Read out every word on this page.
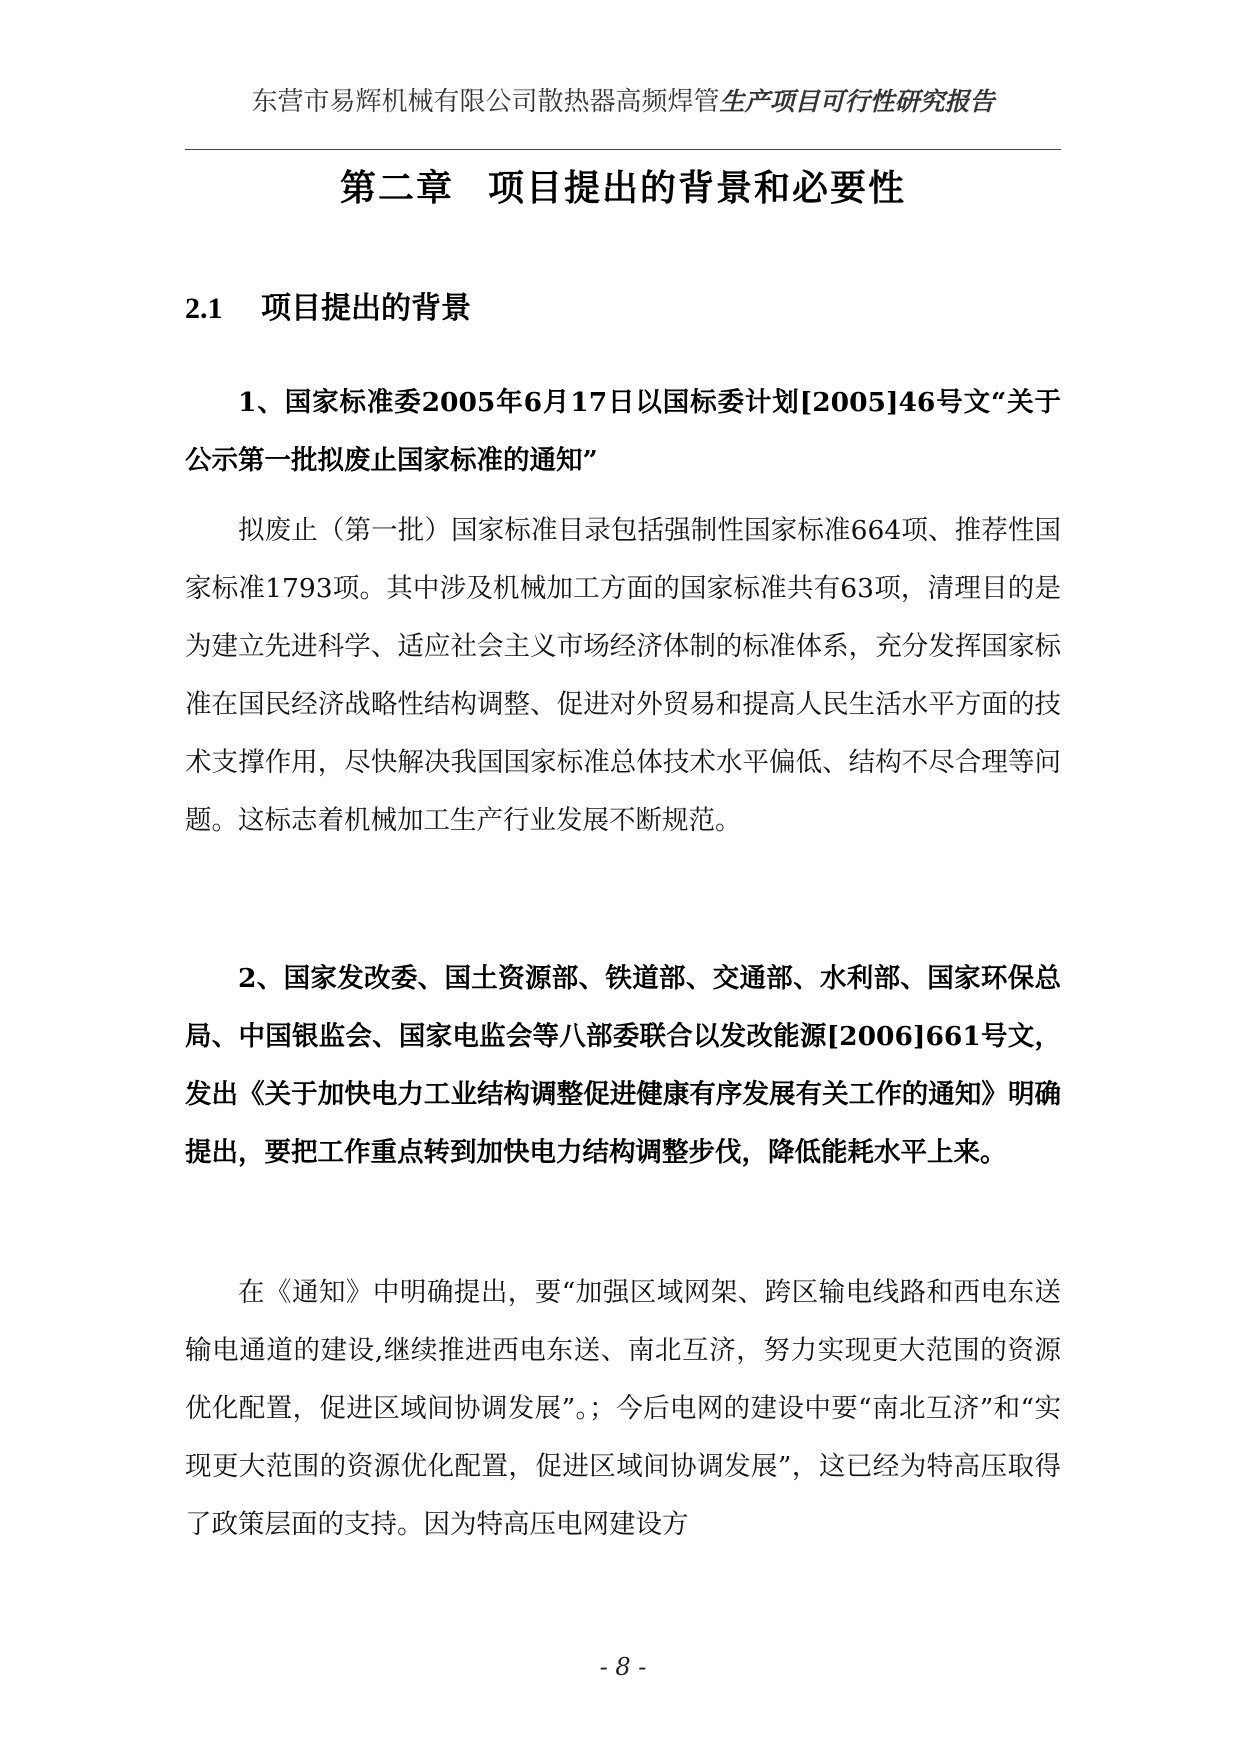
东营市易辉机械有限公司散热器高频焊管生产项目可行性研究报告
第二章 项目提出的背景和必要性
2.1 项目提出的背景

1、国家标准委2005年6月17日以国标委计划[2005]46号文“关于公示第一批拟废止国家标准的通知”

拟废止（第一批）国家标准目录包括强制性国家标准664项、推荐性国家标准1793项。其中涉及机械加工方面的国家标准共有63项，清理目的是为建立先进科学、适应社会主义市场经济体制的标准体系，充分发挥国家标准在国民经济战略性结构调整、促进对外贸易和提高人民生活水平方面的技术支撑作用，尽快解决我国国家标准总体技术水平偏低、结构不尽合理等问题。这标志着机械加工生产行业发展不断规范。

2、国家发改委、国土资源部、铁道部、交通部、水利部、国家环保总局、中国银监会、国家电监会等八部委联合以发改能源[2006]661号文，发出《关于加快电力工业结构调整促进健康有序发展有关工作的通知》明确提出，要把工作重点转到加快电力结构调整步伐，降低能耗水平上来。

在《通知》中明确提出，要“加强区域网架、跨区输电线路和西电东送输电通道的建设,继续推进西电东送、南北互济，努力实现更大范围的资源优化配置，促进区域间协调发展”。；今后电网的建设中要“南北互济”和“实现更大范围的资源优化配置，促进区域间协调发展”，这已经为特高压取得了政策层面的支持。因为特高压电网建设方

- 8 -
